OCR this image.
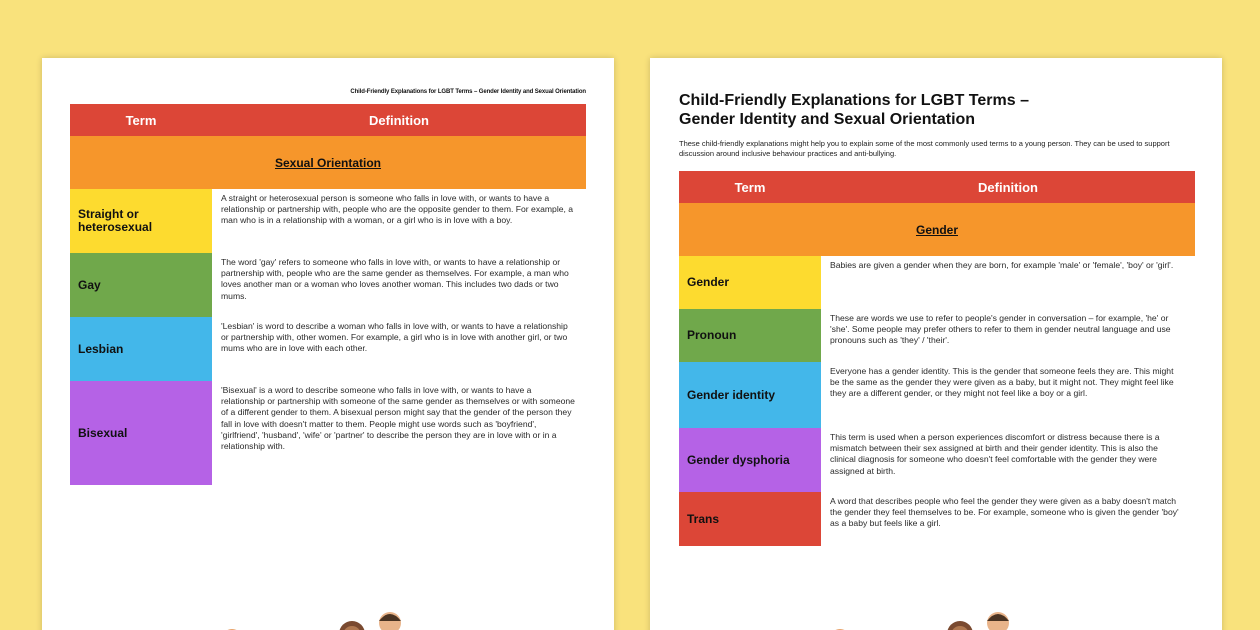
Child-Friendly Explanations for LGBT Terms – Gender Identity and Sexual Orientation
Term	Definition
Sexual Orientation	
Straight or heterosexual	A straight or heterosexual person is someone who falls in love with, or wants to have a relationship or partnership with, people who are the opposite gender to them. For example, a man who is in a relationship with a woman, or a girl who is in love with a boy.
Gay	The word 'gay' refers to someone who falls in love with, or wants to have a relationship or partnership with, people who are the same gender as themselves. For example, a man who loves another man or a woman who loves another woman. This includes two dads or two mums.
Lesbian	'Lesbian' is word to describe a woman who falls in love with, or wants to have a relationship or partnership with, other women. For example, a girl who is in love with another girl, or two mums who are in love with each other.
Bisexual	'Bisexual' is a word to describe someone who falls in love with, or wants to have a relationship or partnership with someone of the same gender as themselves or with someone of a different gender to them. A bisexual person might say that the gender of the person they fall in love with doesn't matter to them. People might use words such as 'boyfriend', 'girlfriend', 'husband', 'wife' or 'partner' to describe the person they are in love with or in a relationship with.
Child-Friendly Explanations for LGBT Terms –
Gender Identity and Sexual Orientation
These child-friendly explanations might help you to explain some of the most commonly used terms to a young person. They can be used to support discussion around inclusive behaviour practices and anti-bullying.
Term	Definition
Gender	
Gender	Babies are given a gender when they are born, for example 'male' or 'female', 'boy' or 'girl'.
Pronoun	These are words we use to refer to people's gender in conversation – for example, 'he' or 'she'. Some people may prefer others to refer to them in gender neutral language and use pronouns such as 'they' / 'their'.
Gender identity	Everyone has a gender identity. This is the gender that someone feels they are. This might be the same as the gender they were given as a baby, but it might not. They might feel like they are a different gender, or they might not feel like a boy or a girl.
Gender dysphoria	This term is used when a person experiences discomfort or distress because there is a mismatch between their sex assigned at birth and their gender identity. This is also the clinical diagnosis for someone who doesn't feel comfortable with the gender they were assigned at birth.
Trans	A word that describes people who feel the gender they were given as a baby doesn't match the gender they feel themselves to be. For example, someone who is given the gender 'boy' as a baby but feels like a girl.
